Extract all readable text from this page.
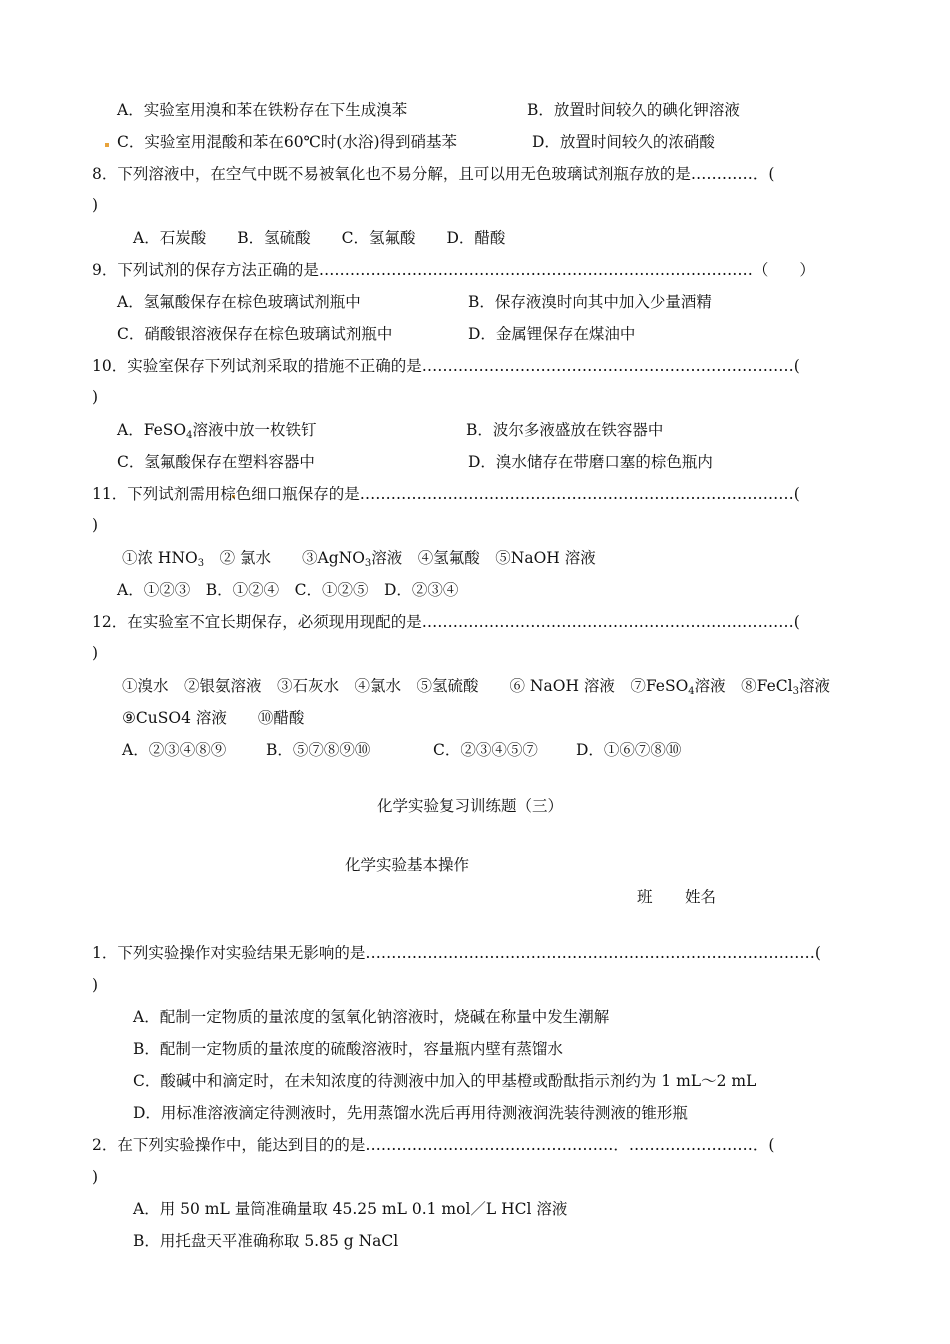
A．实验室用溴和苯在铁粉存在下生成溴苯	B．放置时间较久的碘化钾溶液
C．实验室用混酸和苯在60℃时(水浴)得到硝基苯	D．放置时间较久的浓硝酸
8．下列溶液中，在空气中既不易被氧化也不易分解，且可以用无色玻璃试剂瓶存放的是…………．(
)
A．石炭酸　　B．氢硫酸　　C．氢氟酸　　D．醋酸
9．下列试剂的保存方法正确的是…………………………………………………………………………（　　）
A．氢氟酸保存在棕色玻璃试剂瓶中	B．保存液溴时向其中加入少量酒精
C．硝酸银溶液保存在棕色玻璃试剂瓶中	D．金属锂保存在煤油中
10．实验室保存下列试剂采取的措施不正确的是………………………………………………………………(
)
A．FeSO$_4$溶液中放一枚铁钉	B．波尔多液盛放在铁容器中
C．氢氟酸保存在塑料容器中	D．溴水储存在带磨口塞的棕色瓶内
11．下列试剂需用棕色细口瓶保存的是…………………………………………………………………………(
)
①浓 $HNO_3$　② 氯水　　③AgNO$_3$溶液　④氢氟酸　⑤NaOH 溶液
A．①②③　B．①②④　C．①②⑤　D．②③④
12．在实验室不宜长期保存，必须现用现配的是………………………………………………………………(
)
①溴水　②银氨溶液　③石灰水　④氯水　⑤氢硫酸　　⑥ NaOH 溶液　⑦FeSO$_4$溶液　⑧FeCl$_3$溶液
⑨CuSO4 溶液　　⑩醋酸
A．②③④⑧⑨	B．⑤⑦⑧⑨⑩	C．②③④⑤⑦ D．①⑥⑦⑧⑩
化学实验复习训练题（三）
化学实验基本操作
班 姓名
1．下列实验操作对实验结果无影响的是……………………………………………………………………………(
)
A．配制一定物质的量浓度的氢氧化钠溶液时，烧碱在称量中发生潮解
B．配制一定物质的量浓度的硫酸溶液时，容量瓶内壁有蒸馏水
C．酸碱中和滴定时，在未知浓度的待测液中加入的甲基橙或酚酞指示剂约为 1 mL～2 mL
D．用标准溶液滴定待测液时，先用蒸馏水洗后再用待测液润洗装待测液的锥形瓶
2．在下列实验操作中，能达到目的的是…………………………………………．……………………．(
)
A．用 50 mL 量筒准确量取 45.25 mL 0.1 mol／L HCl 溶液
B．用托盘天平准确称取 5.85 g NaCl
